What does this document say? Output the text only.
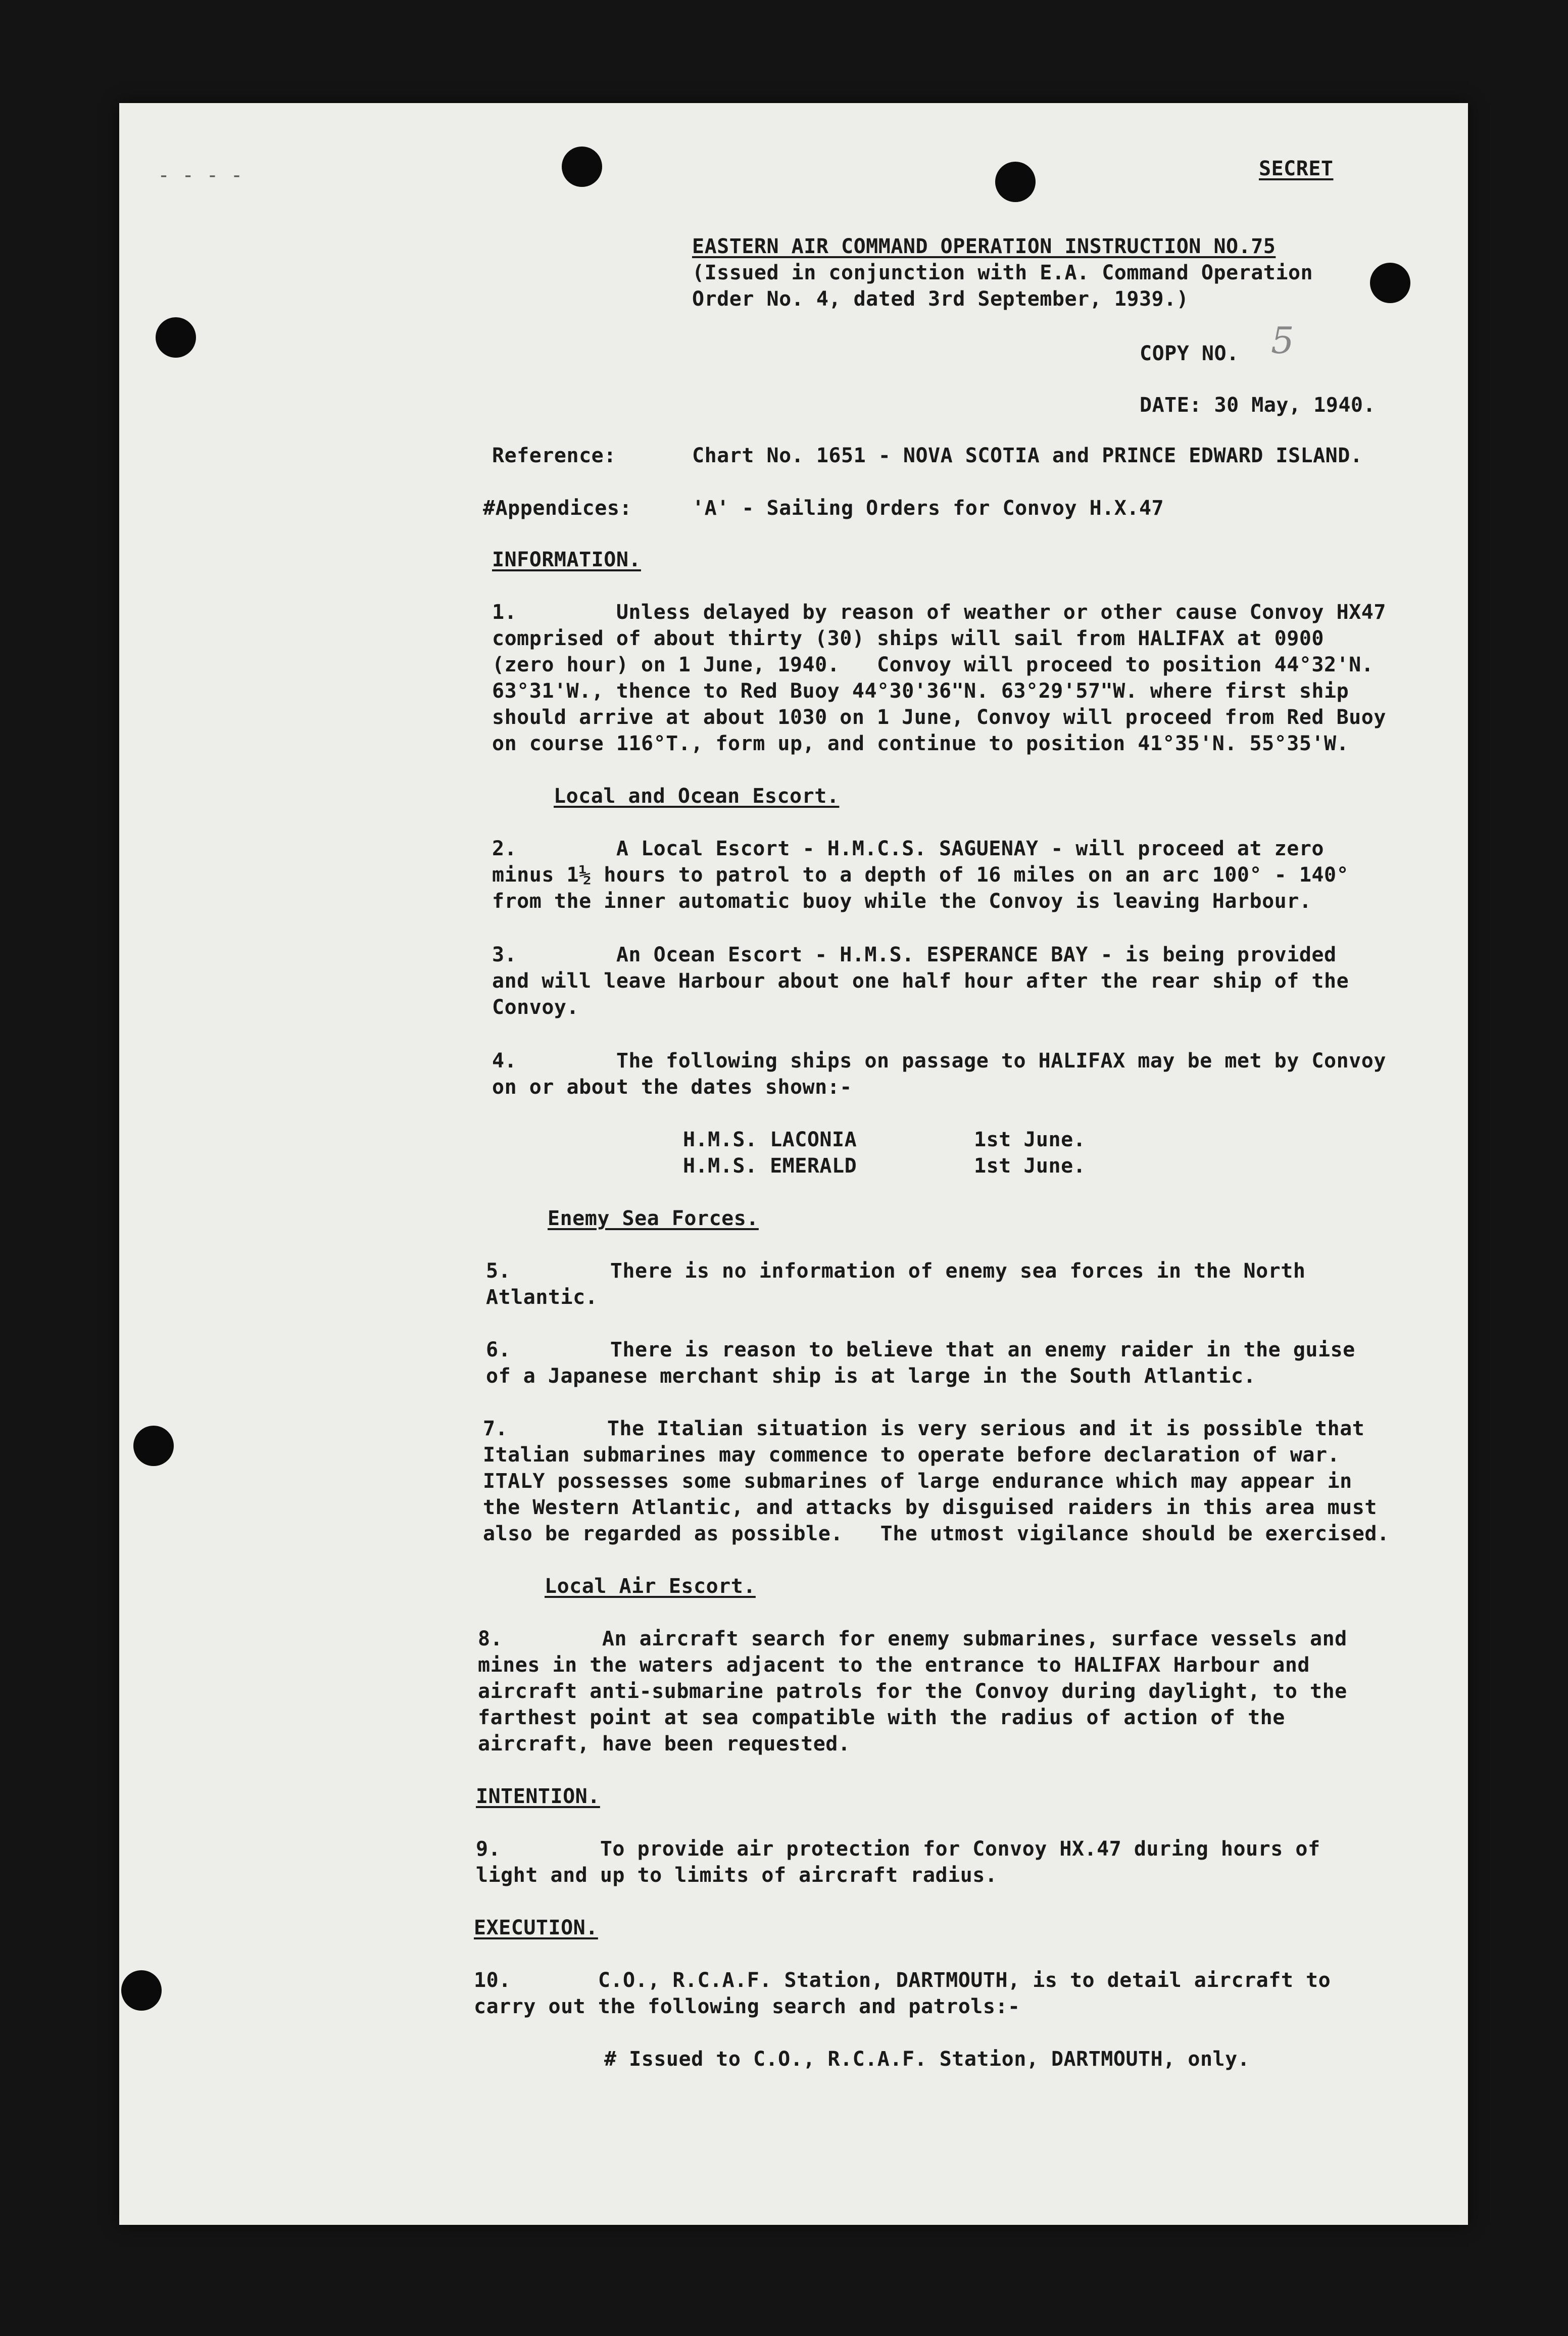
- - - -	SECRET
EASTERN AIR COMMAND OPERATION INSTRUCTION NO.75
(Issued in conjunction with E.A. Command Operation
Order No. 4, dated 3rd September, 1939.)
COPY NO. 5
DATE: 30 May, 1940.
Reference:	Chart No. 1651 - NOVA SCOTIA and PRINCE EDWARD ISLAND.
#Appendices:	'A' - Sailing Orders for Convoy H.X.47
INFORMATION.
1.        Unless delayed by reason of weather or other cause Convoy HX47
comprised of about thirty (30) ships will sail from HALIFAX at 0900
(zero hour) on 1 June, 1940.   Convoy will proceed to position 44°32'N.
63°31'W., thence to Red Buoy 44°30'36"N. 63°29'57"W. where first ship
should arrive at about 1030 on 1 June, Convoy will proceed from Red Buoy
on course 116°T., form up, and continue to position 41°35'N. 55°35'W.
Local and Ocean Escort.
2.        A Local Escort - H.M.C.S. SAGUENAY - will proceed at zero
minus 1½ hours to patrol to a depth of 16 miles on an arc 100° - 140°
from the inner automatic buoy while the Convoy is leaving Harbour.
3.        An Ocean Escort - H.M.S. ESPERANCE BAY - is being provided
and will leave Harbour about one half hour after the rear ship of the
Convoy.
4.        The following ships on passage to HALIFAX may be met by Convoy
on or about the dates shown:-
H.M.S. LACONIA	1st June.
H.M.S. EMERALD	1st June.
Enemy Sea Forces.
5.        There is no information of enemy sea forces in the North
Atlantic.
6.        There is reason to believe that an enemy raider in the guise
of a Japanese merchant ship is at large in the South Atlantic.
7.        The Italian situation is very serious and it is possible that
Italian submarines may commence to operate before declaration of war.
ITALY possesses some submarines of large endurance which may appear in
the Western Atlantic, and attacks by disguised raiders in this area must
also be regarded as possible.   The utmost vigilance should be exercised.
Local Air Escort.
8.        An aircraft search for enemy submarines, surface vessels and
mines in the waters adjacent to the entrance to HALIFAX Harbour and
aircraft anti-submarine patrols for the Convoy during daylight, to the
farthest point at sea compatible with the radius of action of the
aircraft, have been requested.
INTENTION.
9.        To provide air protection for Convoy HX.47 during hours of
light and up to limits of aircraft radius.
EXECUTION.
10.       C.O., R.C.A.F. Station, DARTMOUTH, is to detail aircraft to
carry out the following search and patrols:-
# Issued to C.O., R.C.A.F. Station, DARTMOUTH, only.
